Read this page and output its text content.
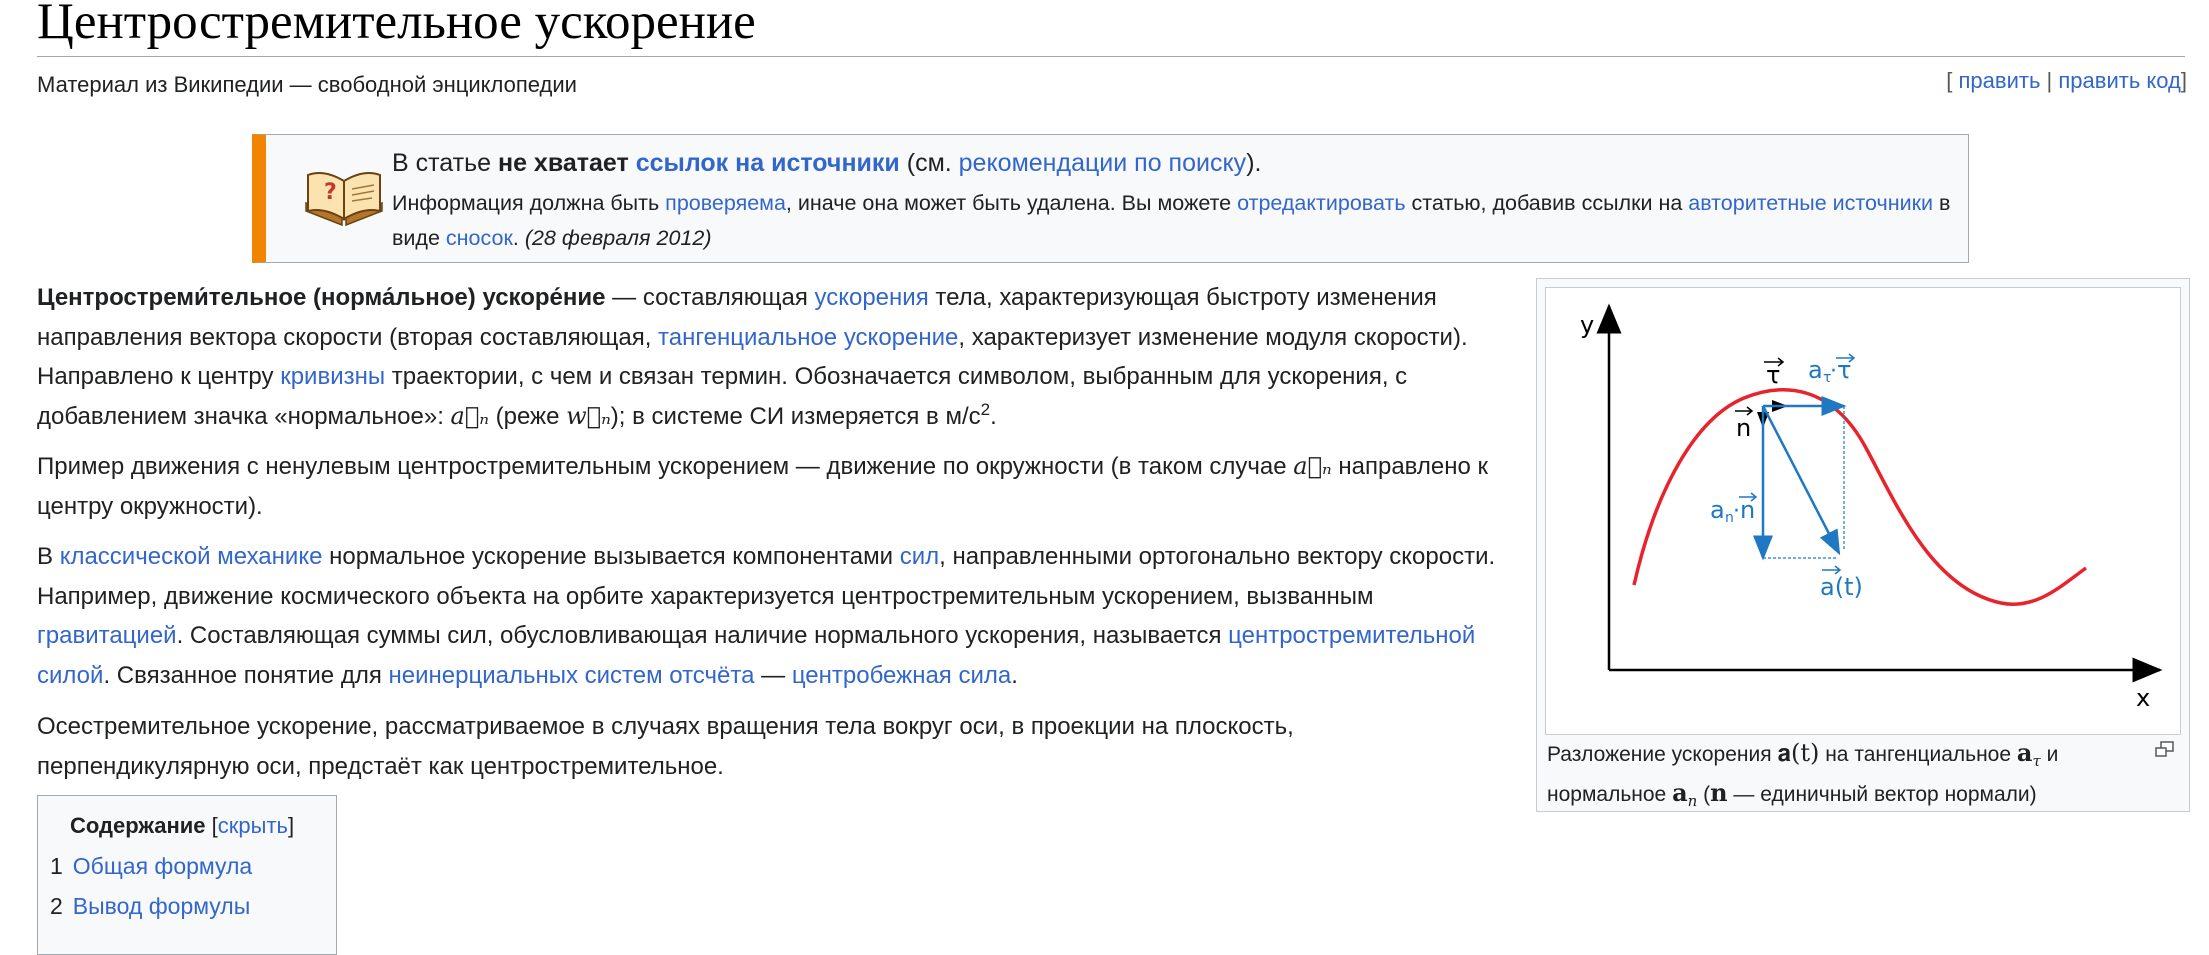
Центростремительное ускорение
Материал из Википедии — свободной энциклопедии	[ править | править код]
?
В статье не хватает ссылок на источники (см. рекомендации по поиску).
Информация должна быть проверяема, иначе она может быть удалена. Вы можете отредактировать статью, добавив ссылки на авторитетные источники в виде сносок. (28 февраля 2012)

Центростреми́тельное (норма́льное) ускоре́ние — составляющая ускорения тела, характеризующая быстроту изменения направления вектора скорости (вторая составляющая, тангенциальное ускорение, характеризует изменение модуля скорости). Направлено к центру кривизны траектории, с чем и связан термин. Обозначается символом, выбранным для ускорения, с добавлением значка «нормальное»: a⃗ₙ (реже w⃗ₙ); в системе СИ измеряется в $м/с^2$.

Пример движения с ненулевым центростремительным ускорением — движение по окружности (в таком случае a⃗ₙ направлено к центру окружности).

В классической механике нормальное ускорение вызывается компонентами сил, направленными ортогонально вектору скорости. Например, движение космического объекта на орбите характеризуется центростремительным ускорением, вызванным гравитацией. Составляющая суммы сил, обусловливающая наличие нормального ускорения, называется центростремительной силой. Связанное понятие для неинерциальных систем отсчёта — центробежная сила.

Осестремительное ускорение, рассматриваемое в случаях вращения тела вокруг оси, в проекции на плоскость, перпендикулярную оси, предстаёт как центростремительное.

y
x
τ
n
a τ
· τ
a n · n
a(t)
Разложение ускорения 𝐚(t) на тангенциальное 𝐚$_\tau$ и нормальное 𝐚$_n$ (𝐧 — единичный вектор нормали)
Содержание [скрыть]
1 Общая формула
2 Вывод формулы
